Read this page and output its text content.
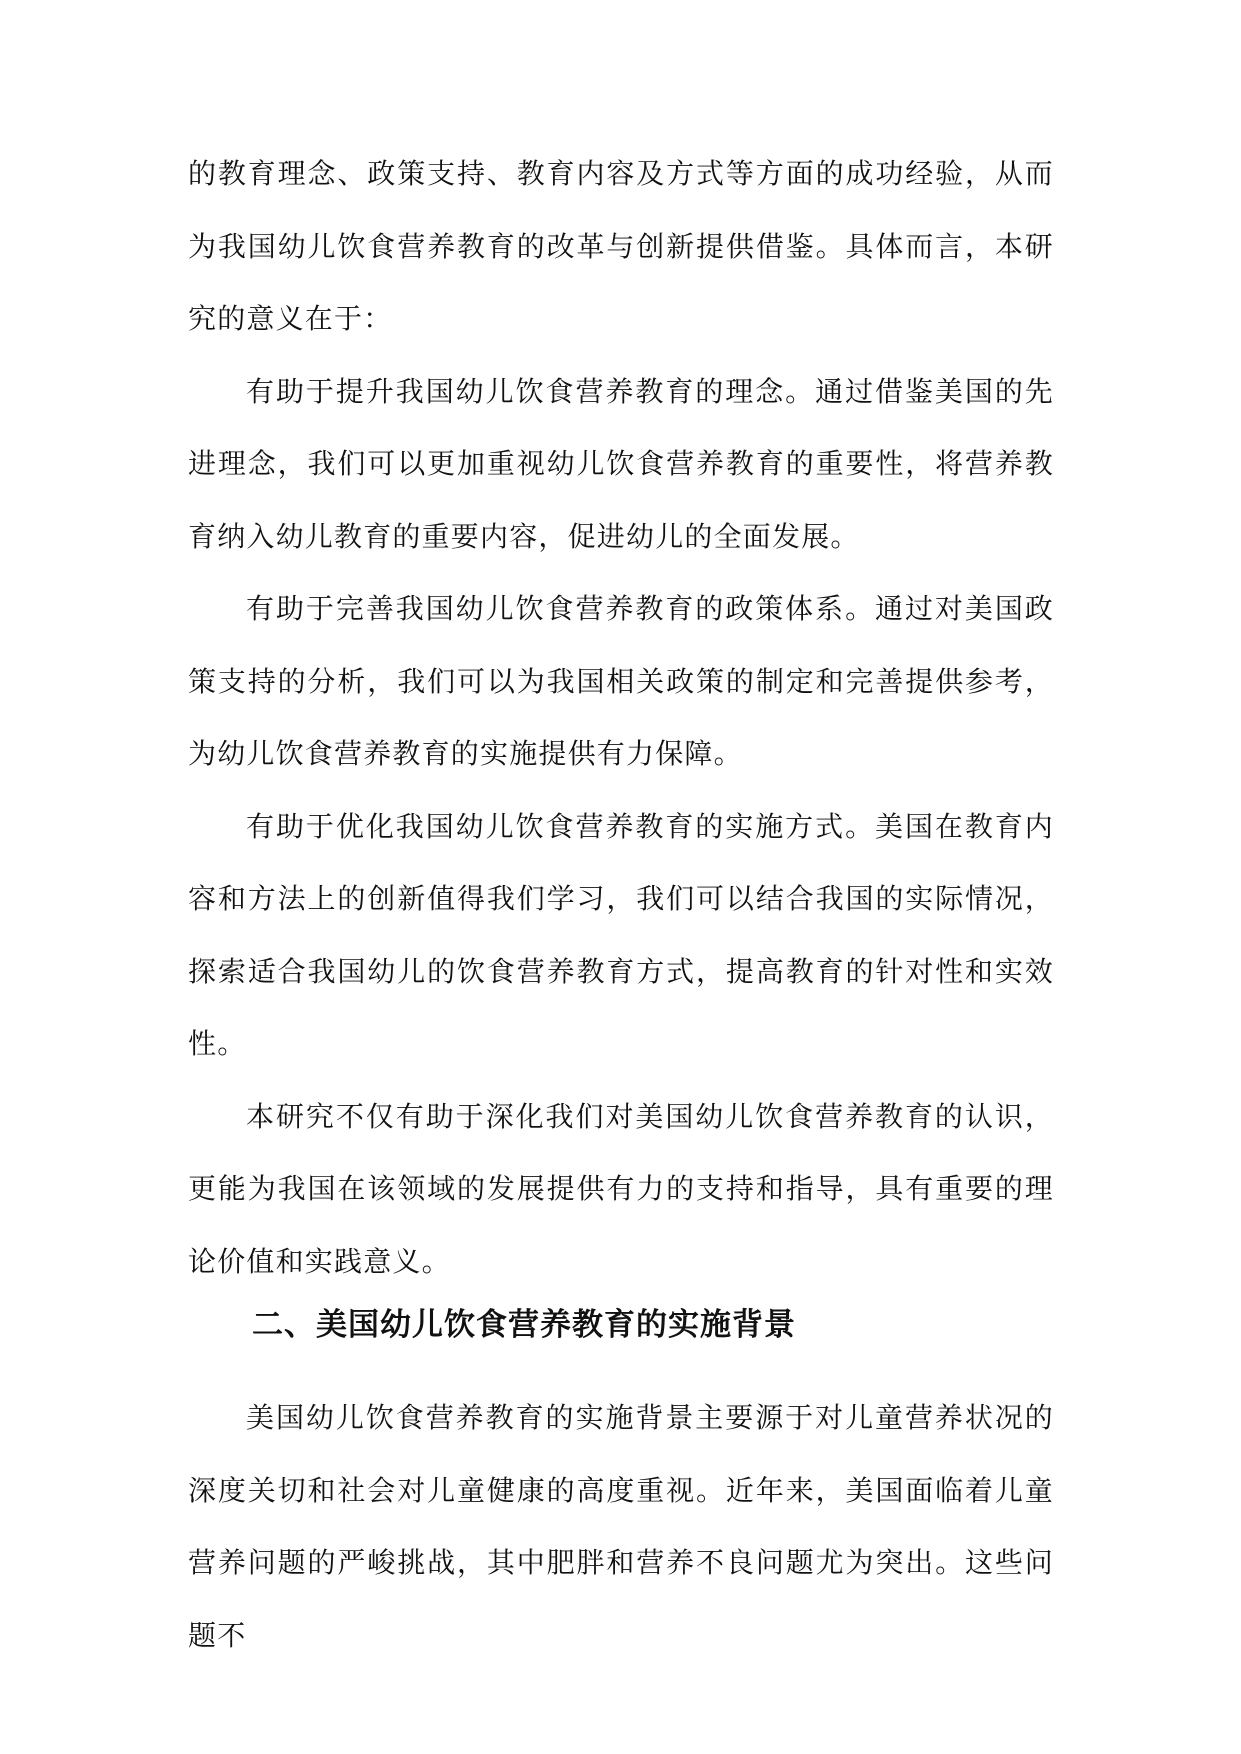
的教育理念、政策支持、教育内容及方式等方面的成功经验，从而为我国幼儿饮食营养教育的改革与创新提供借鉴。具体而言，本研究的意义在于：

有助于提升我国幼儿饮食营养教育的理念。通过借鉴美国的先进理念，我们可以更加重视幼儿饮食营养教育的重要性，将营养教育纳入幼儿教育的重要内容，促进幼儿的全面发展。

有助于完善我国幼儿饮食营养教育的政策体系。通过对美国政策支持的分析，我们可以为我国相关政策的制定和完善提供参考，为幼儿饮食营养教育的实施提供有力保障。

有助于优化我国幼儿饮食营养教育的实施方式。美国在教育内容和方法上的创新值得我们学习，我们可以结合我国的实际情况，探索适合我国幼儿的饮食营养教育方式，提高教育的针对性和实效性。

本研究不仅有助于深化我们对美国幼儿饮食营养教育的认识，更能为我国在该领域的发展提供有力的支持和指导，具有重要的理论价值和实践意义。

二、美国幼儿饮食营养教育的实施背景

美国幼儿饮食营养教育的实施背景主要源于对儿童营养状况的深度关切和社会对儿童健康的高度重视。近年来，美国面临着儿童营养问题的严峻挑战，其中肥胖和营养不良问题尤为突出。这些问题不
